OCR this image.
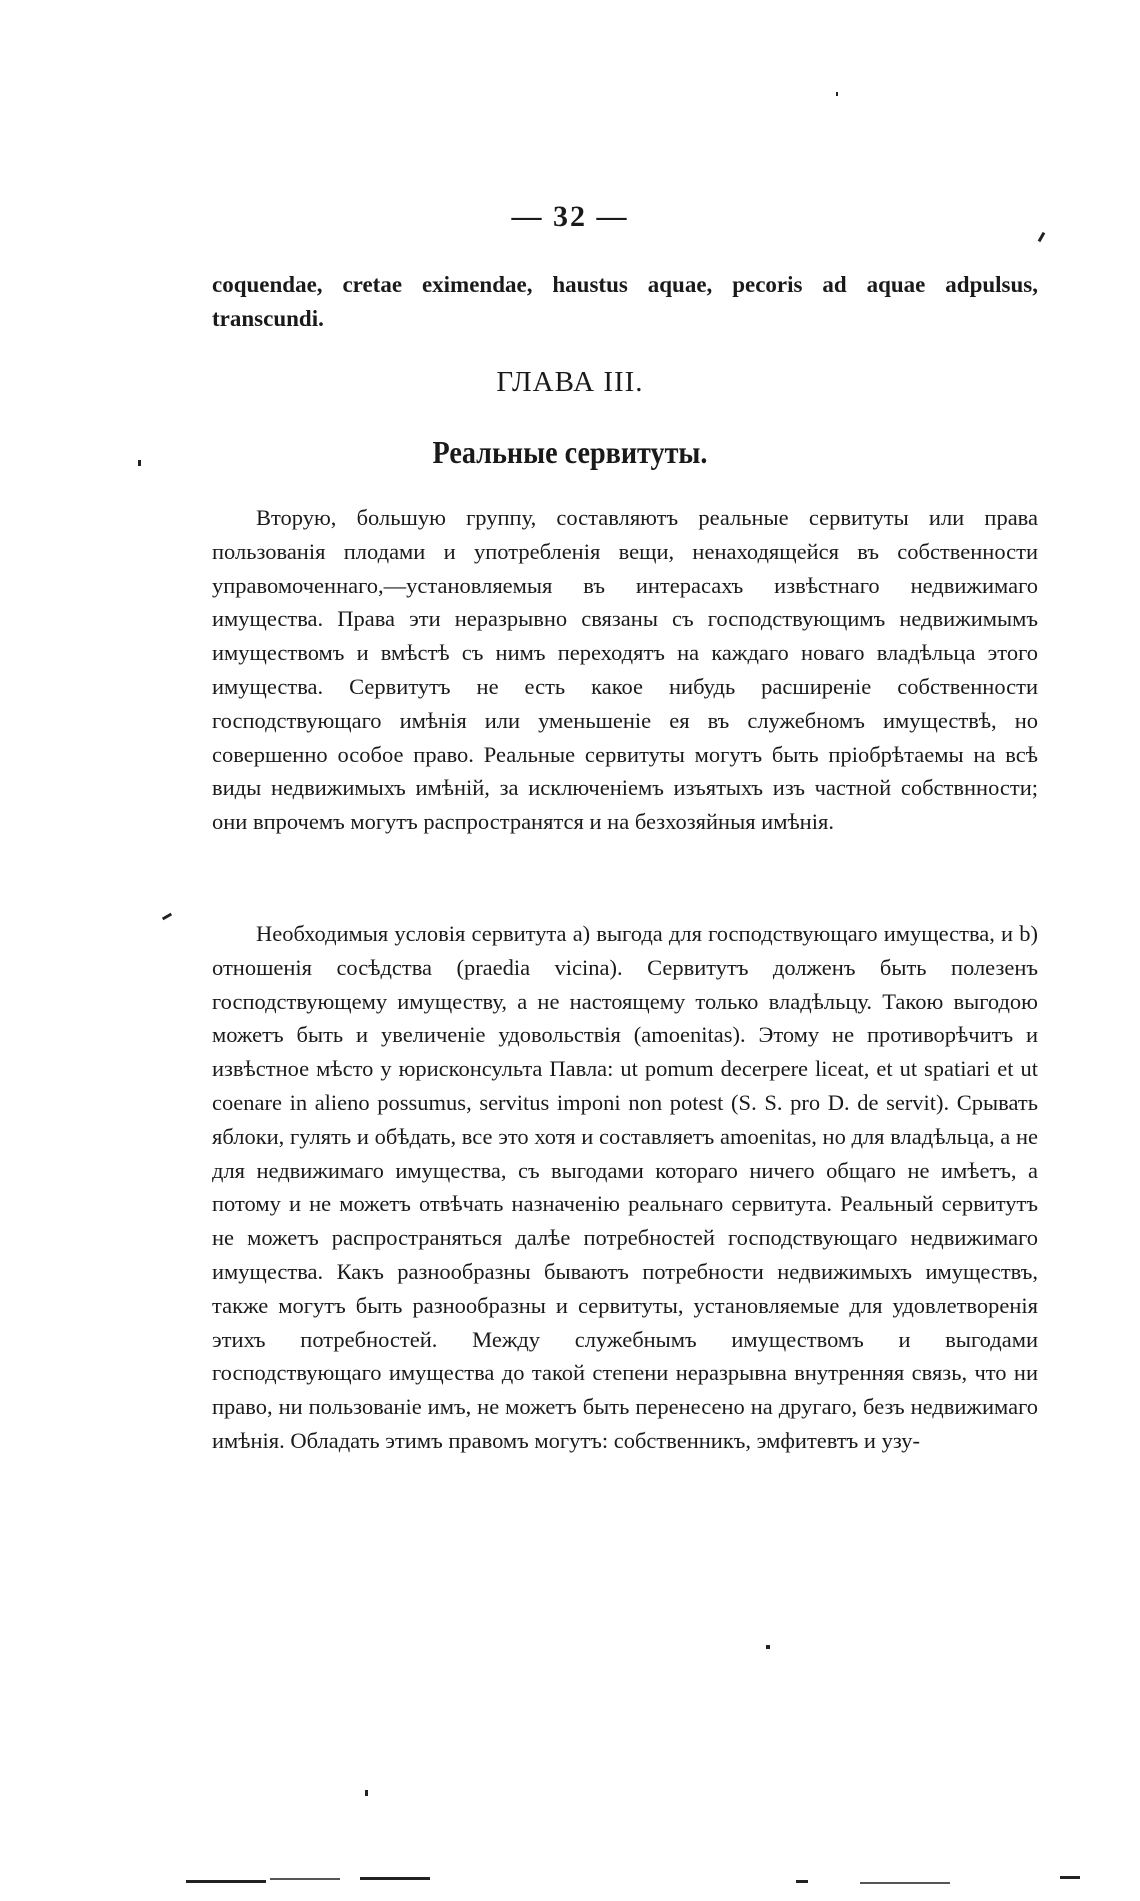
— 32 —
coquendae, cretae eximendae, haustus aquae, pecoris ad aquae adpulsus, transcundi.
ГЛАВА III.
Реальные сервитуты.

Вторую, большую группу, составляютъ реальные сервитуты или права пользованія плодами и употребленія вещи, ненаходящейся въ собственности управомоченнаго,—установляемыя въ интерасахъ извѣстнаго недвижимаго имущества. Права эти неразрывно связаны съ господствующимъ недвижимымъ имуществомъ и вмѣстѣ съ нимъ переходятъ на каждаго новаго владѣльца этого имущества. Сервитутъ не есть какое нибудь расширеніе собственности господствующаго имѣнія или уменьшеніе ея въ служебномъ имуществѣ, но совершенно особое право. Реальные сервитуты могутъ быть пріобрѣтаемы на всѣ виды недвижимыхъ имѣній, за исключеніемъ изъятыхъ изъ частной собствнности; они впрочемъ могутъ распространятся и на безхозяйныя имѣнія.

Необходимыя условія сервитута а) выгода для господствующаго имущества, и b) отношенія сосѣдства (praedia vicina). Сервитутъ долженъ быть полезенъ господствующему имуществу, а не настоящему только владѣльцу. Такою выгодою можетъ быть и увеличеніе удовольствія (amoenitas). Этому не противорѣчитъ и извѣстное мѣсто у юрисконсульта Павла: ut pomum decerpere liceat, et ut spatiari et ut coenare in alieno possumus, servitus imponi non potest (S. S. pro D. de servit). Срывать яблоки, гулять и обѣдать, все это хотя и составляетъ amoenitas, но для владѣльца, а не для недвижимаго имущества, съ выгодами котораго ничего общаго не имѣетъ, а потому и не можетъ отвѣчать назначенію реальнаго сервитута. Реальный сервитутъ не можетъ распространяться далѣе потребностей господствующаго недвижимаго имущества. Какъ разнообразны бываютъ потребности недвижимыхъ имуществъ, также могутъ быть разнообразны и сервитуты, установляемые для удовлетворенія этихъ потребностей. Между служебнымъ имуществомъ и выгодами господствующаго имущества до такой степени неразрывна внутренняя связь, что ни право, ни пользованіе имъ, не можетъ быть перенесено на другаго, безъ недвижимаго имѣнія. Обладать этимъ правомъ могутъ: собственникъ, эмфитевтъ и узу-
